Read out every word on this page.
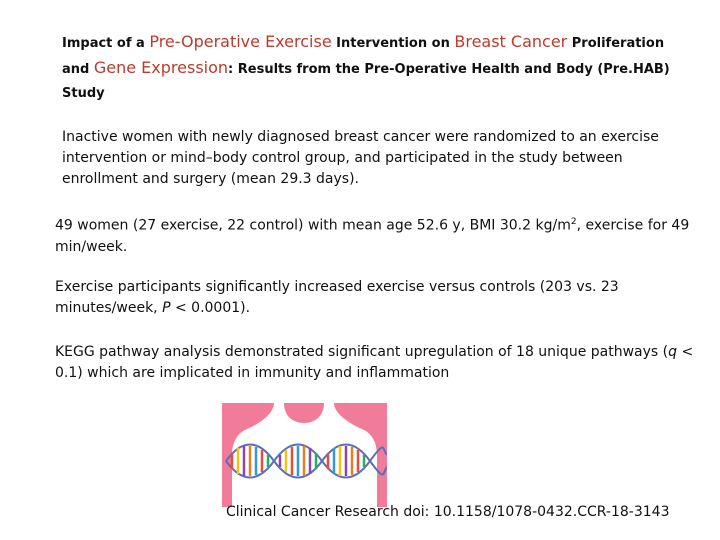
Impact of a Pre-Operative Exercise Intervention on Breast Cancer Proliferation and Gene Expression: Results from the Pre-Operative Health and Body (Pre.HAB) Study
Inactive women with newly diagnosed breast cancer were randomized to an exercise intervention or mind–body control group, and participated in the study between enrollment and surgery (mean 29.3 days).
49 women (27 exercise, 22 control) with mean age 52.6 y, BMI 30.2 $kg/m^2$, exercise for 49 min/week.
Exercise participants significantly increased exercise versus controls (203 vs. 23 minutes/week, P < 0.0001).
KEGG pathway analysis demonstrated significant upregulation of 18 unique pathways (q < 0.1) which are implicated in immunity and inflammation
Clinical Cancer Research doi: 10.1158/1078-0432.CCR-18-3143
